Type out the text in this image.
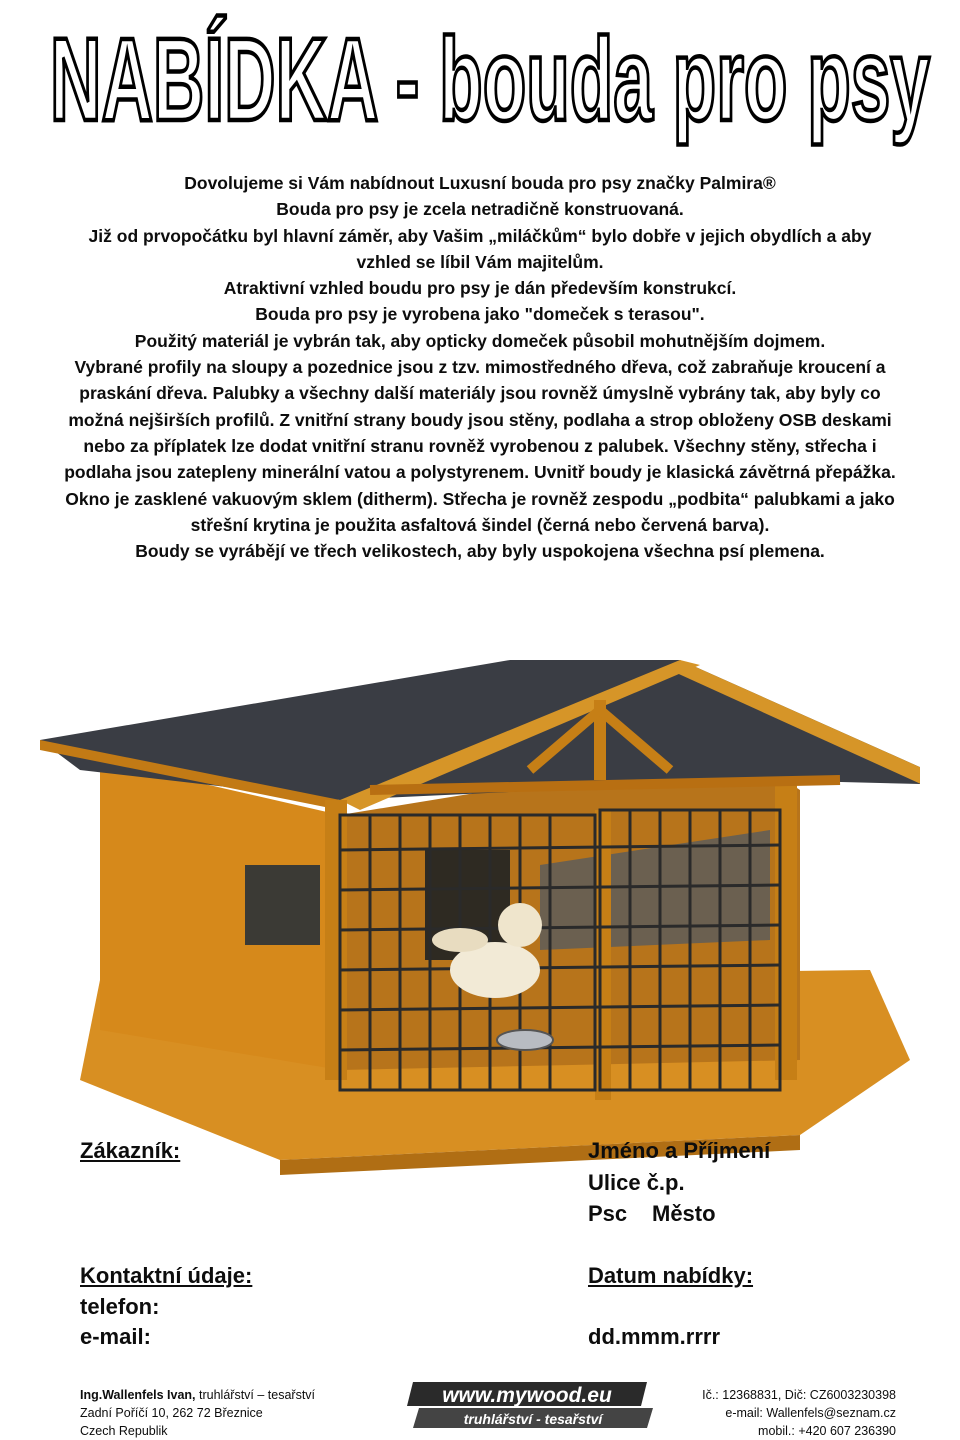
NABÍDKA - bouda pro psy
Dovolujeme si Vám nabídnout Luxusní bouda pro psy značky Palmira®
Bouda pro psy je zcela netradičně konstruovaná.
Již od prvopočátku byl hlavní záměr, aby Vašim „miláčkům“ bylo dobře v jejich obydlích a aby vzhled se líbil Vám majitelům.
Atraktivní vzhled boudu pro psy je dán především konstrukcí.
Bouda pro psy je vyrobena jako "domeček s terasou".
Použitý materiál je vybrán tak, aby opticky domeček působil mohutnějším dojmem.
Vybrané profily na sloupy a pozednice jsou z tzv. mimostředného dřeva, což zabraňuje kroucení a praskání dřeva. Palubky a všechny další materiály jsou rovněž úmyslně vybrány tak, aby byly co možná nejširších profilů. Z vnitřní strany boudy jsou stěny, podlaha a strop obloženy OSB deskami nebo za příplatek lze dodat vnitřní stranu rovněž vyrobenou z palubek. Všechny stěny, střecha i podlaha jsou zatepleny minerální vatou a polystyrenem. Uvnitř boudy je klasická závětrná přepážka. Okno je zasklené vakuovým sklem (ditherm). Střecha je rovněž zespodu „podbita“ palubkami a jako střešní krytina je použita asfaltová šindel (černá nebo červená barva).
Boudy se vyrábějí ve třech velikostech, aby byly uspokojena všechna psí plemena.
Zákazník:	Jméno a Příjmení
Ulice č.p.
Psc Město
Kontaktní údaje:
telefon:
e-mail:
Datum nabídky:
dd.mmm.rrrr
Ing.Wallenfels Ivan, truhlářství – tesařství
Zadní Poříčí 10, 262 72 Březnice
Czech Republik
www.mywood.eu
truhlářství - tesařství
Ič.: 12368831, Dič: CZ6003230398
e-mail: Wallenfels@seznam.cz
mobil.: +420 607 236390
